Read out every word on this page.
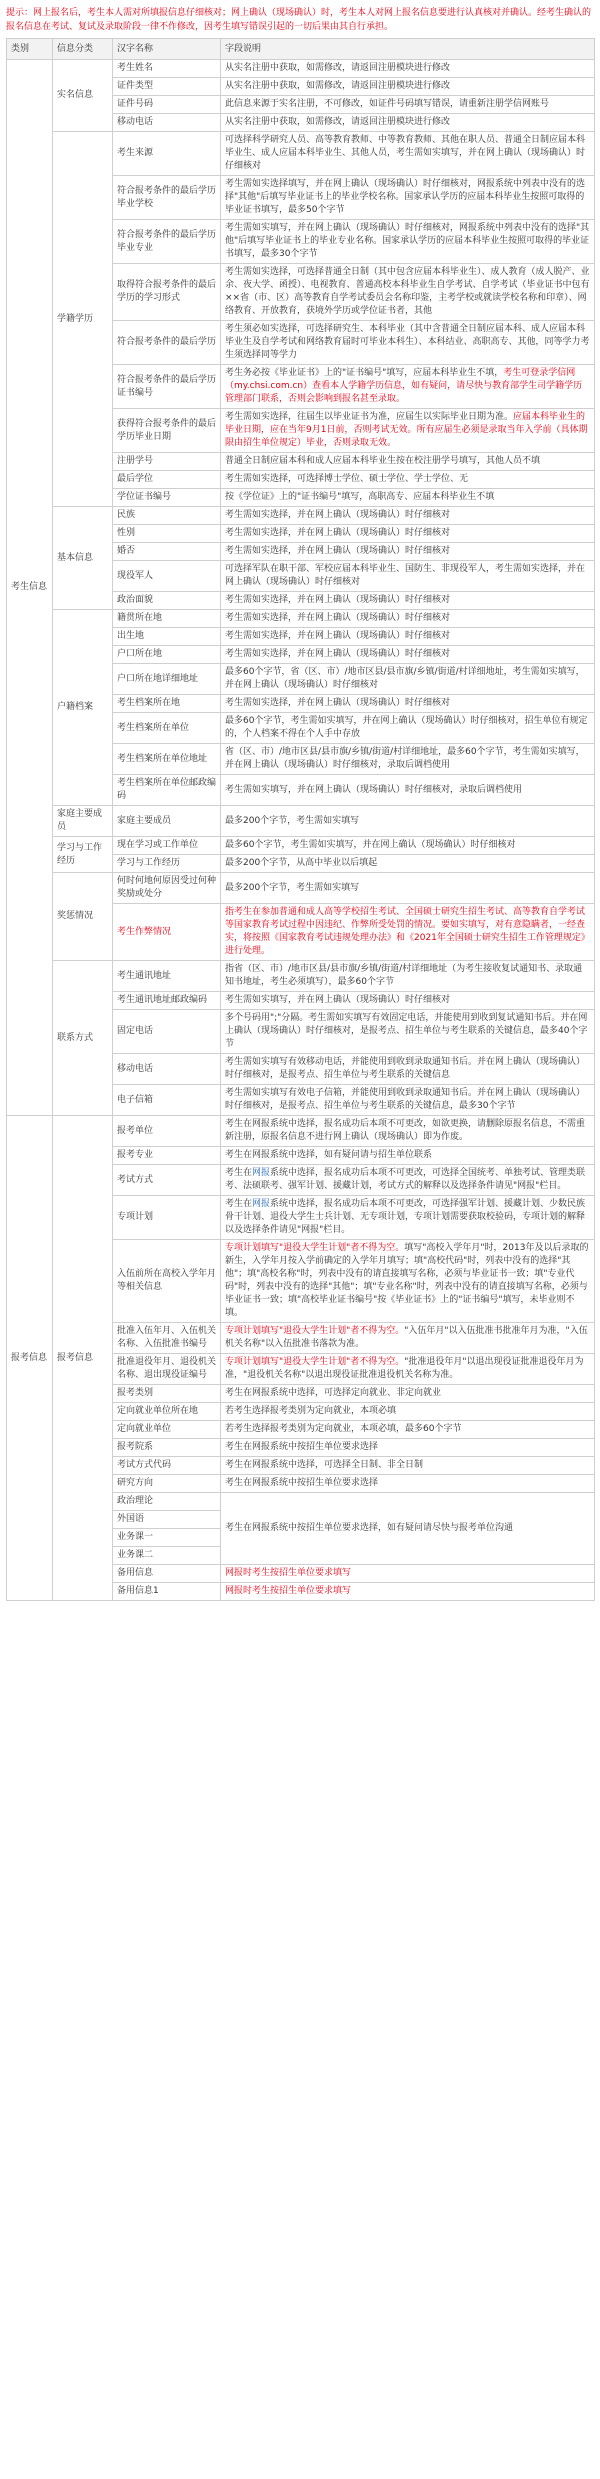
提示：网上报名后，考生本人需对所填报信息仔细核对；网上确认（现场确认）时，考生本人对网上报名信息要进行认真核对并确认。经考生确认的报名信息在考试、复试及录取阶段一律不作修改，因考生填写错误引起的一切后果由其自行承担。
类别	信息分类	汉字名称	字段说明
考生信息	实名信息	考生姓名	从实名注册中获取，如需修改，请返回注册模块进行修改
		证件类型	从实名注册中获取，如需修改，请返回注册模块进行修改
		证件号码	此信息来源于实名注册，不可修改，如证件号码填写错误，请重新注册学信网账号
		移动电话	从实名注册中获取，如需修改，请返回注册模块进行修改
	学籍学历	考生来源	可选择科学研究人员、高等教育教师、中等教育教师、其他在职人员、普通全日制应届本科毕业生、成人应届本科毕业生、其他人员，考生需如实填写，并在网上确认（现场确认）时仔细核对
		符合报考条件的最后学历毕业学校	考生需如实选择填写，并在网上确认（现场确认）时仔细核对，网报系统中列表中没有的选择"其他"后填写毕业证书上的毕业学校名称。国家承认学历的应届本科毕业生按照可取得的毕业证书填写，最多50个字节
		符合报考条件的最后学历毕业专业	考生需如实填写，并在网上确认（现场确认）时仔细核对，网报系统中列表中没有的选择"其他"后填写毕业证书上的毕业专业名称。国家承认学历的应届本科毕业生按照可取得的毕业证书填写，最多30个字节
		取得符合报考条件的最后学历的学习形式	考生需如实选择，可选择普通全日制（其中包含应届本科毕业生）、成人教育（成人脱产、业余、夜大学、函授）、电视教育、普通高校本科毕业生自学考试、自学考试（毕业证书中包有××省（市、区）高等教育自学考试委员会名称印鉴，主考学校或就读学校名称和印章）、网络教育、开放教育，获境外学历或学位证书者，其他
		符合报考条件的最后学历	考生须必如实选择，可选择研究生、本科毕业（其中含普通全日制应届本科、成人应届本科毕业生及自学考试和网络教育届时可毕业本科生）、本科结业、高职高专、其他，同等学力考生须选择同等学力
		符合报考条件的最后学历证书编号	考生务必按《毕业证书》上的"证书编号"填写，应届本科毕业生不填，考生可登录学信网（my.chsi.com.cn）查看本人学籍学历信息，如有疑问，请尽快与教育部学生司学籍学历管理部门联系，否则会影响到报名甚至录取。
		获得符合报考条件的最后学历毕业日期	考生需如实选择，往届生以毕业证书为准，应届生以实际毕业日期为准。应届本科毕业生的毕业日期，应在当年9月1日前，否则考试无效。所有应届生必须是录取当年入学前（具体期限由招生单位规定）毕业，否则录取无效。
		注册学号	普通全日制应届本科和成人应届本科毕业生按在校注册学号填写，其他人员不填
		最后学位	考生需如实选择，可选择博士学位、硕士学位、学士学位、无
		学位证书编号	按《学位证》上的"证书编号"填写，高职高专、应届本科毕业生不填
	基本信息	民族	考生需如实选择，并在网上确认（现场确认）时仔细核对
		性别	考生需如实选择，并在网上确认（现场确认）时仔细核对
		婚否	考生需如实选择，并在网上确认（现场确认）时仔细核对
		现役军人	可选择军队在职干部、军校应届本科毕业生、国防生、非现役军人，考生需如实选择，并在网上确认（现场确认）时仔细核对
		政治面貌	考生需如实选择，并在网上确认（现场确认）时仔细核对
	户籍档案	籍贯所在地	考生需如实选择，并在网上确认（现场确认）时仔细核对
		出生地	考生需如实选择，并在网上确认（现场确认）时仔细核对
		户口所在地	考生需如实选择，并在网上确认（现场确认）时仔细核对
		户口所在地详细地址	最多60个字节，省（区、市）/地市区县/县市旗/乡镇/街道/村详细地址，考生需如实填写，并在网上确认（现场确认）时仔细核对
		考生档案所在地	考生需如实选择，并在网上确认（现场确认）时仔细核对
		考生档案所在单位	最多60个字节，考生需如实填写，并在网上确认（现场确认）时仔细核对，招生单位有规定的，个人档案不得在个人手中存放
		考生档案所在单位地址	省（区、市）/地市区县/县市旗/乡镇/街道/村详细地址，最多60个字节，考生需如实填写，并在网上确认（现场确认）时仔细核对，录取后调档使用
		考生档案所在单位邮政编码	考生需如实填写，并在网上确认（现场确认）时仔细核对，录取后调档使用
	家庭主要成员	家庭主要成员	最多200个字节，考生需如实填写
	学习与工作经历	现在学习或工作单位	最多60个字节，考生需如实填写，并在网上确认（现场确认）时仔细核对
		学习与工作经历	最多200个字节，从高中毕业以后填起
	奖惩情况	何时何地何原因受过何种奖励或处分	最多200个字节，考生需如实填写
		考生作弊情况	指考生在参加普通和成人高等学校招生考试、全国硕士研究生招生考试、高等教育自学考试等国家教育考试过程中因违纪、作弊所受处罚的情况。要如实填写，对有意隐瞒者，一经查实，将按照《国家教育考试违规处理办法》和《2021年全国硕士研究生招生工作管理规定》进行处理。
	联系方式	考生通讯地址	指省（区、市）/地市区县/县市旗/乡镇/街道/村详细地址（为考生接收复试通知书、录取通知书地址，考生必须填写），最多60个字节
		考生通讯地址邮政编码	考生需如实填写，并在网上确认（现场确认）时仔细核对
		固定电话	多个号码用";"分隔。考生需如实填写有效固定电话，并能使用到收到复试通知书后。并在网上确认（现场确认）时仔细核对，是报考点、招生单位与考生联系的关键信息，最多40个字节
		移动电话	考生需如实填写有效移动电话，并能使用到收到录取通知书后。并在网上确认（现场确认）时仔细核对，是报考点、招生单位与考生联系的关键信息
		电子信箱	考生需如实填写有效电子信箱，并能使用到收到录取通知书后。并在网上确认（现场确认）时仔细核对，是报考点、招生单位与考生联系的关键信息，最多30个字节
报考信息	报考信息	报考单位	考生在网报系统中选择，报名成功后本项不可更改，如欲更换，请删除原报名信息，不需重新注册，原报名信息不进行网上确认（现场确认）即为作废。
		报考专业	考生在网报系统中选择，如有疑问请与招生单位联系
		考试方式	考生在网报系统中选择，报名成功后本项不可更改，可选择全国统考、单独考试、管理类联考、法硕联考、强军计划、援藏计划，考试方式的解释以及选择条件请见"网报"栏目。
		专项计划	考生在网报系统中选择，报名成功后本项不可更改，可选择强军计划、援藏计划、少数民族骨干计划、退役大学生士兵计划、无专项计划，专项计划需要获取校验码，专项计划的解释以及选择条件请见"网报"栏目。
		入伍前所在高校入学年月等相关信息	专项计划填写"退役大学生计划"者不得为空。填写"高校入学年月"时，2013年及以后录取的新生，入学年月按入学前确定的入学年月填写；填"高校代码"时，列表中没有的选择"其他"；填"高校名称"时，列表中没有的请直接填写名称，必须与毕业证书一致；填"专业代码"时，列表中没有的选择"其他"；填"专业名称"时，列表中没有的请直接填写名称，必须与毕业证书一致；填"高校毕业证书编号"按《毕业证书》上的"证书编号"填写，未毕业则不填。
		批准入伍年月、入伍机关名称、入伍批准书编号	专项计划填写"退役大学生计划"者不得为空。"入伍年月"以入伍批准书批准年月为准，"入伍机关名称"以入伍批准书落款为准。
		批准退役年月、退役机关名称、退出现役证编号	专项计划填写"退役大学生计划"者不得为空。"批准退役年月"以退出现役证批准退役年月为准，"退役机关名称"以退出现役证批准退役机关名称为准。
		报考类别	考生在网报系统中选择，可选择定向就业、非定向就业
		定向就业单位所在地	若考生选择报考类别为定向就业，本项必填
		定向就业单位	若考生选择报考类别为定向就业，本项必填，最多60个字节
		报考院系	考生在网报系统中按招生单位要求选择
		考试方式代码	考生在网报系统中选择，可选择全日制、非全日制
		研究方向	考生在网报系统中按招生单位要求选择
		政治理论	考生在网报系统中按招生单位要求选择，如有疑问请尽快与报考单位沟通
		外国语	
		业务课一	
		业务课二	
		备用信息	网报时考生按招生单位要求填写
		备用信息1	网报时考生按招生单位要求填写
